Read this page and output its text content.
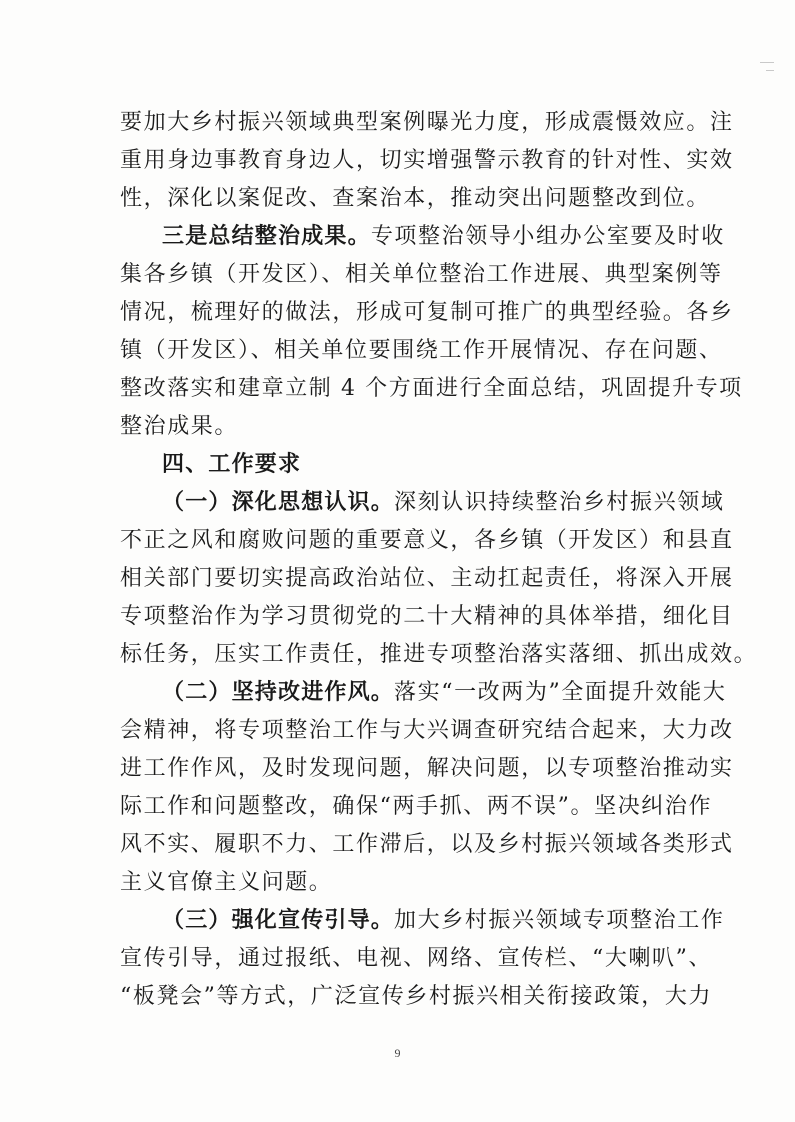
要加大乡村振兴领域典型案例曝光力度，形成震慑效应。注
重用身边事教育身边人，切实增强警示教育的针对性、实效
性，深化以案促改、查案治本，推动突出问题整改到位。
三是总结整治成果。专项整治领导小组办公室要及时收
集各乡镇（开发区）、相关单位整治工作进展、典型案例等
情况，梳理好的做法，形成可复制可推广的典型经验。各乡
镇（开发区）、相关单位要围绕工作开展情况、存在问题、
整改落实和建章立制 4 个方面进行全面总结，巩固提升专项
整治成果。
四、工作要求
（一）深化思想认识。深刻认识持续整治乡村振兴领域
不正之风和腐败问题的重要意义，各乡镇（开发区）和县直
相关部门要切实提高政治站位、主动扛起责任，将深入开展
专项整治作为学习贯彻党的二十大精神的具体举措，细化目
标任务，压实工作责任，推进专项整治落实落细、抓出成效。
（二）坚持改进作风。落实“一改两为”全面提升效能大
会精神，将专项整治工作与大兴调查研究结合起来，大力改
进工作作风，及时发现问题，解决问题，以专项整治推动实
际工作和问题整改，确保“两手抓、两不误”。坚决纠治作
风不实、履职不力、工作滞后，以及乡村振兴领域各类形式
主义官僚主义问题。
（三）强化宣传引导。加大乡村振兴领域专项整治工作
宣传引导，通过报纸、电视、网络、宣传栏、“大喇叭”、
“板凳会”等方式，广泛宣传乡村振兴相关衔接政策，大力
9
